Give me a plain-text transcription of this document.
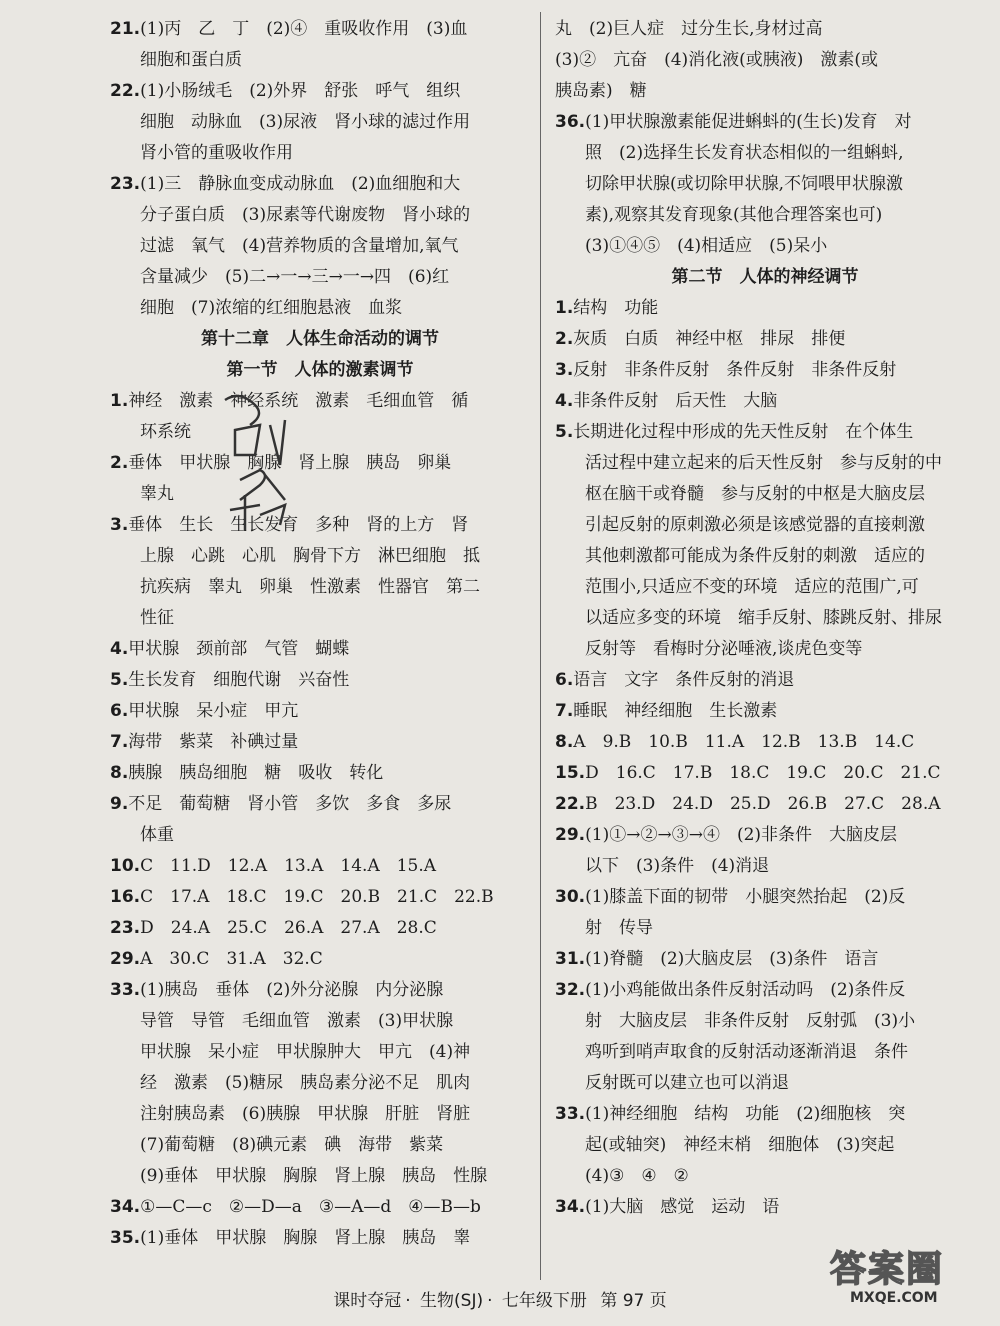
21.(1)丙　乙　丁　(2)④　重吸收作用　(3)血
细胞和蛋白质
22.(1)小肠绒毛　(2)外界　舒张　呼气　组织
细胞　动脉血　(3)尿液　肾小球的滤过作用
肾小管的重吸收作用
23.(1)三　静脉血变成动脉血　(2)血细胞和大
分子蛋白质　(3)尿素等代谢废物　肾小球的
过滤　氧气　(4)营养物质的含量增加,氧气
含量减少　(5)二→一→三→一→四　(6)红
细胞　(7)浓缩的红细胞悬液　血浆
第十二章　人体生命活动的调节
第一节　人体的激素调节
1.神经　激素　神经系统　激素　毛细血管　循
环系统
2.垂体　甲状腺　胸腺　肾上腺　胰岛　卵巢
睾丸
3.垂体　生长　生长发育　多种　肾的上方　肾
上腺　心跳　心肌　胸骨下方　淋巴细胞　抵
抗疾病　睾丸　卵巢　性激素　性器官　第二
性征
4.甲状腺　颈前部　气管　蝴蝶
5.生长发育　细胞代谢　兴奋性
6.甲状腺　呆小症　甲亢
7.海带　紫菜　补碘过量
8.胰腺　胰岛细胞　糖　吸收　转化
9.不足　葡萄糖　肾小管　多饮　多食　多尿
体重
10.C　11.D　12.A　13.A　14.A　15.A
16.C　17.A　18.C　19.C　20.B　21.C　22.B
23.D　24.A　25.C　26.A　27.A　28.C
29.A　30.C　31.A　32.C
33.(1)胰岛　垂体　(2)外分泌腺　内分泌腺
导管　导管　毛细血管　激素　(3)甲状腺
甲状腺　呆小症　甲状腺肿大　甲亢　(4)神
经　激素　(5)糖尿　胰岛素分泌不足　肌肉
注射胰岛素　(6)胰腺　甲状腺　肝脏　肾脏
(7)葡萄糖　(8)碘元素　碘　海带　紫菜
(9)垂体　甲状腺　胸腺　肾上腺　胰岛　性腺
34.①—C—c　②—D—a　③—A—d　④—B—b
35.(1)垂体　甲状腺　胸腺　肾上腺　胰岛　睾
丸　(2)巨人症　过分生长,身材过高
(3)②　亢奋　(4)消化液(或胰液)　激素(或
胰岛素)　糖
36.(1)甲状腺激素能促进蝌蚪的(生长)发育　对
照　(2)选择生长发育状态相似的一组蝌蚪,
切除甲状腺(或切除甲状腺,不饲喂甲状腺激
素),观察其发育现象(其他合理答案也可)
(3)①④⑤　(4)相适应　(5)呆小
第二节　人体的神经调节
1.结构　功能
2.灰质　白质　神经中枢　排尿　排便
3.反射　非条件反射　条件反射　非条件反射
4.非条件反射　后天性　大脑
5.长期进化过程中形成的先天性反射　在个体生
活过程中建立起来的后天性反射　参与反射的中
枢在脑干或脊髓　参与反射的中枢是大脑皮层
引起反射的原刺激必须是该感觉器的直接刺激
其他刺激都可能成为条件反射的刺激　适应的
范围小,只适应不变的环境　适应的范围广,可
以适应多变的环境　缩手反射、膝跳反射、排尿
反射等　看梅时分泌唾液,谈虎色变等
6.语言　文字　条件反射的消退
7.睡眠　神经细胞　生长激素
8.A　9.B　10.B　11.A　12.B　13.B　14.C
15.D　16.C　17.B　18.C　19.C　20.C　21.C
22.B　23.D　24.D　25.D　26.B　27.C　28.A
29.(1)①→②→③→④　(2)非条件　大脑皮层
以下　(3)条件　(4)消退
30.(1)膝盖下面的韧带　小腿突然抬起　(2)反
射　传导
31.(1)脊髓　(2)大脑皮层　(3)条件　语言
32.(1)小鸡能做出条件反射活动吗　(2)条件反
射　大脑皮层　非条件反射　反射弧　(3)小
鸡听到哨声取食的反射活动逐渐消退　条件
反射既可以建立也可以消退
33.(1)神经细胞　结构　功能　(2)细胞核　突
起(或轴突)　神经末梢　细胞体　(3)突起
(4)③　④　②
34.(1)大脑　感觉　运动　语
课时夺冠 · 生物(SJ) · 七年级下册 第 97 页
答案圈
MXQE.COM
